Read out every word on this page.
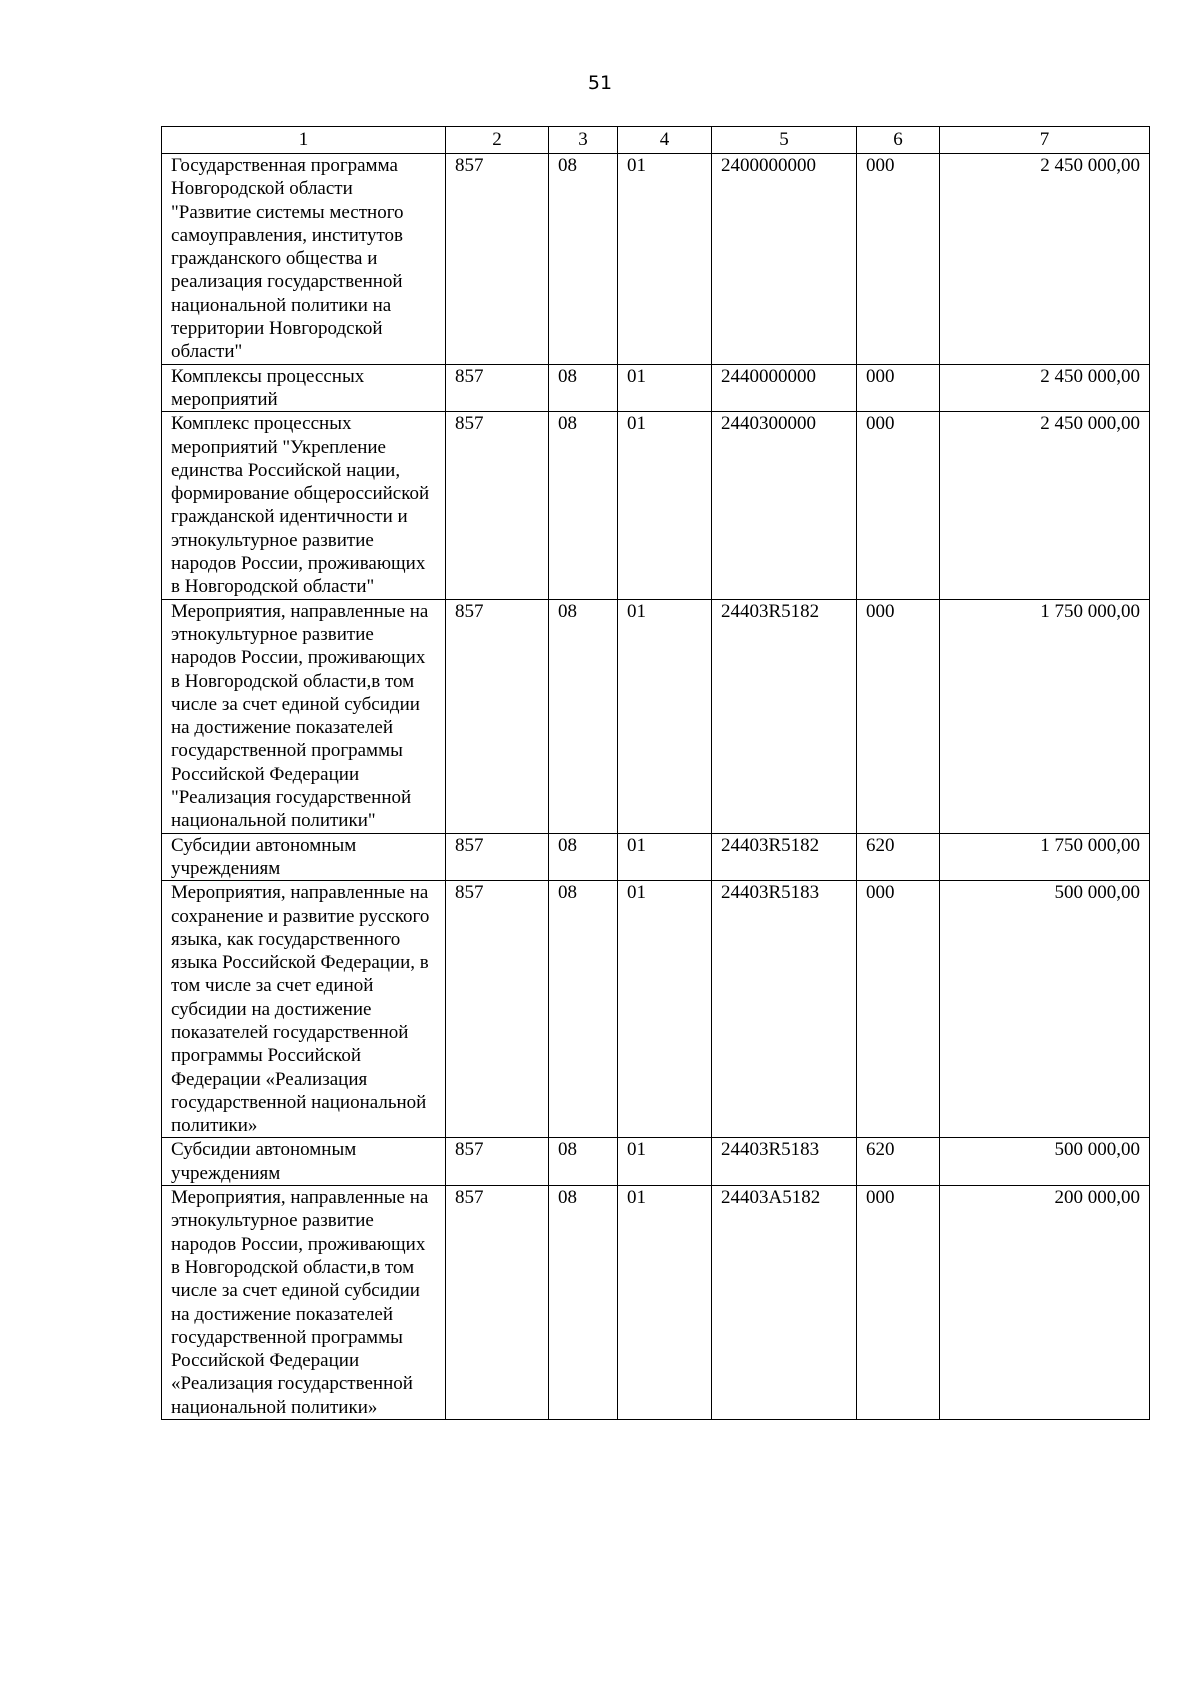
51
1	2	3	4	5	6	7
Государственная программа Новгородской области "Развитие системы местного самоуправления, институтов гражданского общества и реализация государственной национальной политики на территории Новгородской области"	857	08	01	2400000000	000	2 450 000,00
Комплексы процессных мероприятий	857	08	01	2440000000	000	2 450 000,00
Комплекс процессных мероприятий "Укрепление единства Российской нации, формирование общероссийской гражданской идентичности и этнокультурное развитие народов России, проживающих в Новгородской области"	857	08	01	2440300000	000	2 450 000,00
Мероприятия, направленные на этнокультурное развитие народов России, проживающих в Новгородской области,в том числе за счет единой субсидии на достижение показателей государственной программы Российской Федерации "Реализация государственной национальной политики"	857	08	01	24403R5182	000	1 750 000,00
Субсидии автономным учреждениям	857	08	01	24403R5182	620	1 750 000,00
Мероприятия, направленные на сохранение и развитие русского языка, как государственного языка Российской Федерации, в том числе за счет единой субсидии на достижение показателей государственной программы Российской Федерации «Реализация государственной национальной политики»	857	08	01	24403R5183	000	500 000,00
Субсидии автономным учреждениям	857	08	01	24403R5183	620	500 000,00
Мероприятия, направленные на этнокультурное развитие народов России, проживающих в Новгородской области,в том числе за счет единой субсидии на достижение показателей государственной программы Российской Федерации «Реализация государственной национальной политики»	857	08	01	24403А5182	000	200 000,00
